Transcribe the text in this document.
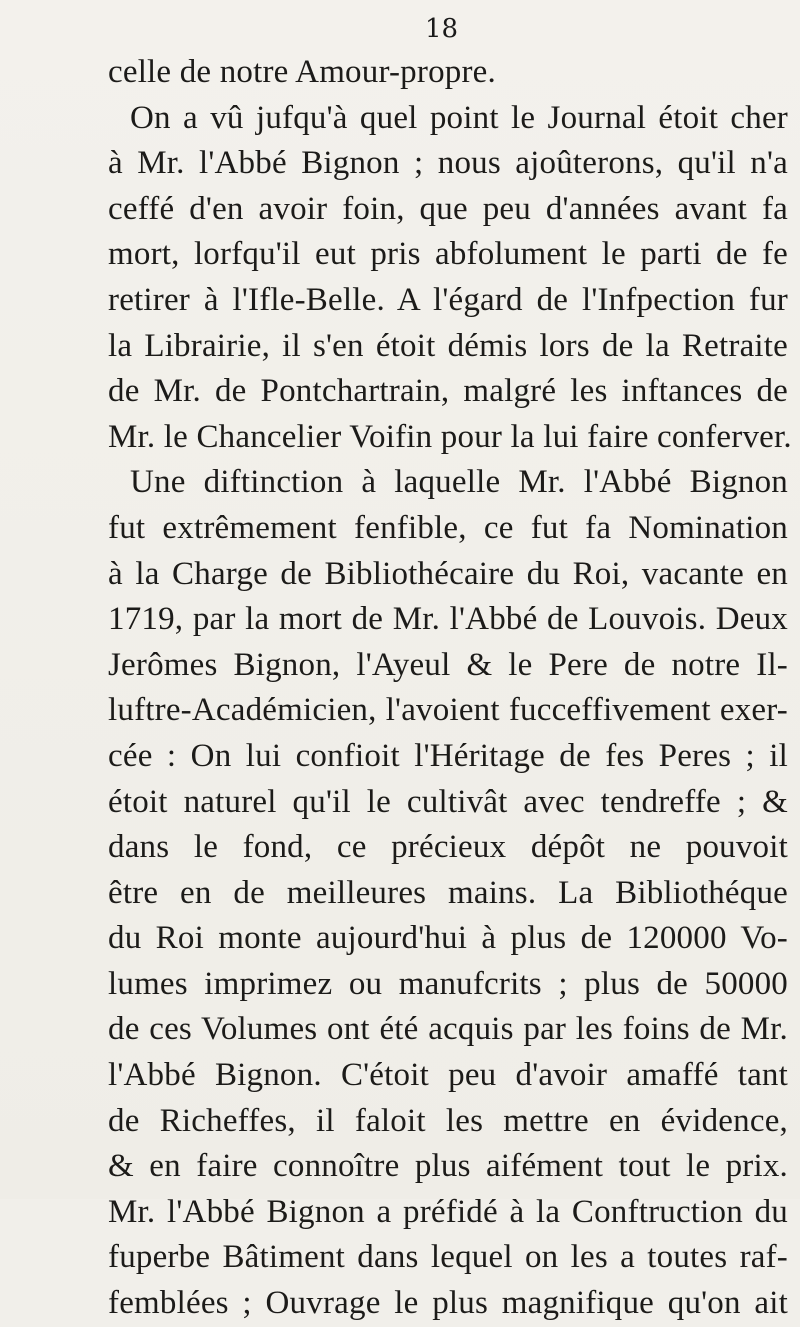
18
celle de notre Amour-propre.
On a vû jufqu'à quel point le Journal étoit cher
à Mr. l'Abbé Bignon ; nous ajoûterons, qu'il n'a
ceffé d'en avoir foin, que peu d'années avant fa
mort, lorfqu'il eut pris abfolument le parti de fe
retirer à l'Ifle-Belle. A l'égard de l'Infpection fur
la Librairie, il s'en étoit démis lors de la Retraite
de Mr. de Pontchartrain, malgré les inftances de
Mr. le Chancelier Voifin pour la lui faire conferver.
Une diftinction à laquelle Mr. l'Abbé Bignon
fut extrêmement fenfible, ce fut fa Nomination
à la Charge de Bibliothécaire du Roi, vacante en
1719, par la mort de Mr. l'Abbé de Louvois. Deux
Jerômes Bignon, l'Ayeul & le Pere de notre Il-
luftre-Académicien, l'avoient fucceffivement exer-
cée : On lui confioit l'Héritage de fes Peres ; il
étoit naturel qu'il le cultivât avec tendreffe ; &
dans le fond, ce précieux dépôt ne pouvoit
être en de meilleures mains. La Bibliothéque
du Roi monte aujourd'hui à plus de 120000 Vo-
lumes imprimez ou manufcrits ; plus de 50000
de ces Volumes ont été acquis par les foins de Mr.
l'Abbé Bignon. C'étoit peu d'avoir amaffé tant
de Richeffes, il faloit les mettre en évidence,
& en faire connoître plus aifément tout le prix.
Mr. l'Abbé Bignon a préfidé à la Conftruction du
fuperbe Bâtiment dans lequel on les a toutes raf-
femblées ; Ouvrage le plus magnifique qu'on ait
